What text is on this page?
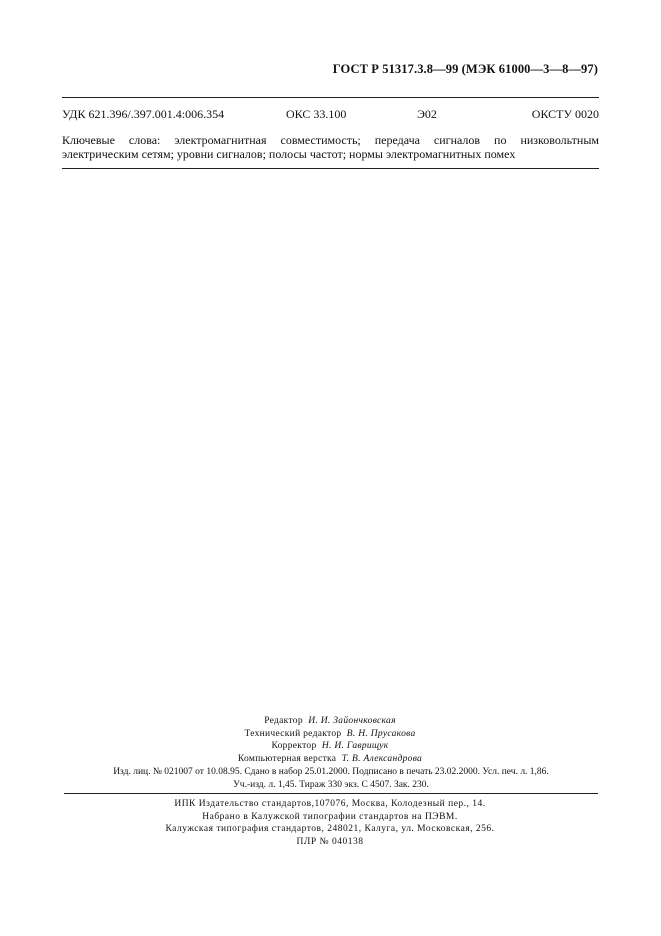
ГОСТ Р 51317.3.8—99 (МЭК 61000—3—8—97)
УДК 621.396/.397.001.4:006.354	ОКС 33.100	Э02	ОКСТУ 0020
Ключевые слова: электромагнитная совместимость; передача сигналов по низковольтным электрическим сетям; уровни сигналов; полосы частот; нормы электромагнитных помех
Редактор И. И. Зайончковская
Технический редактор В. Н. Прусакова
Корректор Н. И. Гаврищук
Компьютерная верстка Т. В. Александрова
Изд. лиц. № 021007 от 10.08.95. Сдано в набор 25.01.2000. Подписано в печать 23.02.2000. Усл. печ. л. 1,86.
Уч.-изд. л. 1,45. Тираж 330 экз. С 4507. Зак. 230.
ИПК Издательство стандартов,107076, Москва, Колодезный пер., 14.
Набрано в Калужской типографии стандартов на ПЭВМ.
Калужская типография стандартов, 248021, Калуга, ул. Московская, 256.
ПЛР № 040138
